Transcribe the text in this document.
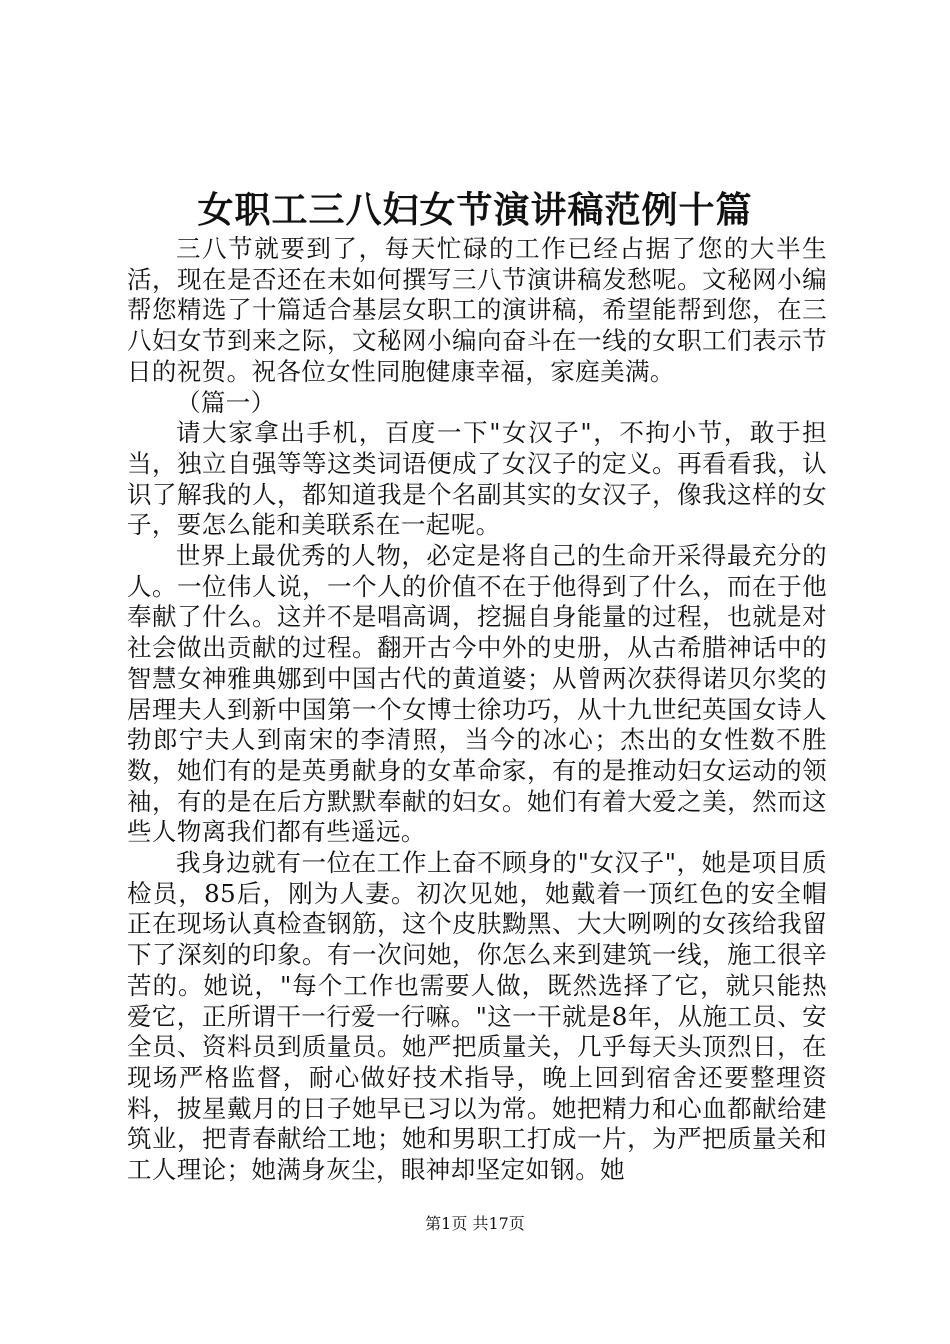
女职工三八妇女节演讲稿范例十篇

三八节就要到了，每天忙碌的工作已经占据了您的大半生活，现在是否还在未如何撰写三八节演讲稿发愁呢。文秘网小编帮您精选了十篇适合基层女职工的演讲稿，希望能帮到您，在三八妇女节到来之际，文秘网小编向奋斗在一线的女职工们表示节日的祝贺。祝各位女性同胞健康幸福，家庭美满。

（篇一）

请大家拿出手机，百度一下"女汉子"，不拘小节，敢于担当，独立自强等等这类词语便成了女汉子的定义。再看看我，认识了解我的人，都知道我是个名副其实的女汉子，像我这样的女子，要怎么能和美联系在一起呢。

世界上最优秀的人物，必定是将自己的生命开采得最充分的人。一位伟人说，一个人的价值不在于他得到了什么，而在于他奉献了什么。这并不是唱高调，挖掘自身能量的过程，也就是对社会做出贡献的过程。翻开古今中外的史册，从古希腊神话中的智慧女神雅典娜到中国古代的黄道婆；从曾两次获得诺贝尔奖的居理夫人到新中国第一个女博士徐功巧，从十九世纪英国女诗人勃郎宁夫人到南宋的李清照，当今的冰心；杰出的女性数不胜数，她们有的是英勇献身的女革命家，有的是推动妇女运动的领袖，有的是在后方默默奉献的妇女。她们有着大爱之美，然而这些人物离我们都有些遥远。

我身边就有一位在工作上奋不顾身的"女汉子"，她是项目质检员，85后，刚为人妻。初次见她，她戴着一顶红色的安全帽正在现场认真检查钢筋，这个皮肤黝黑、大大咧咧的女孩给我留下了深刻的印象。有一次问她，你怎么来到建筑一线，施工很辛苦的。她说，"每个工作也需要人做，既然选择了它，就只能热爱它，正所谓干一行爱一行嘛。"这一干就是8年，从施工员、安全员、资料员到质量员。她严把质量关，几乎每天头顶烈日，在现场严格监督，耐心做好技术指导，晚上回到宿舍还要整理资料，披星戴月的日子她早已习以为常。她把精力和心血都献给建筑业，把青春献给工地；她和男职工打成一片，为严把质量关和工人理论；她满身灰尘，眼神却坚定如钢。她

第1页 共17页
